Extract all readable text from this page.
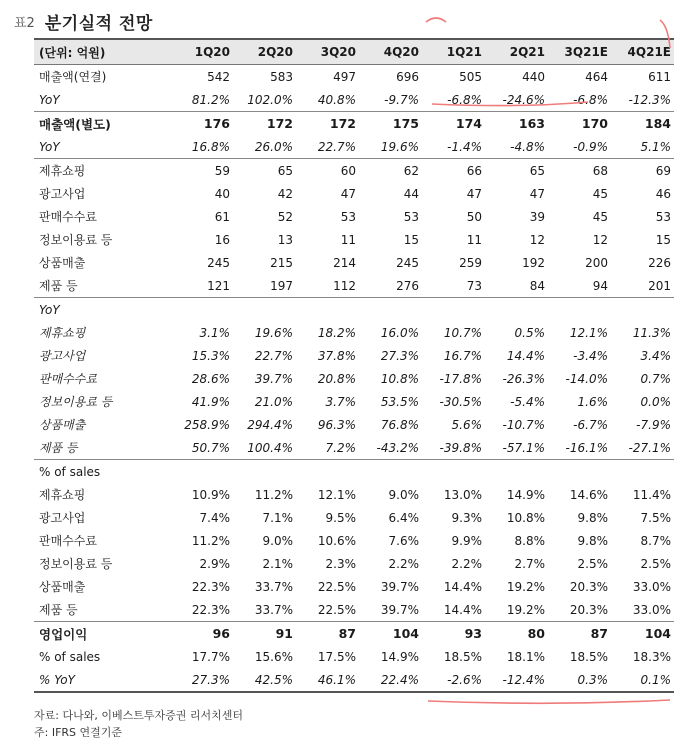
표2 분기실적 전망
(단위: 억원)	1Q20	2Q20	3Q20	4Q20	1Q21	2Q21	3Q21E	4Q21E
매출액(연결)	542	583	497	696	505	440	464	611
YoY	81.2%	102.0%	40.8%	-9.7%	-6.8%	-24.6%	-6.8%	-12.3%
매출액(별도)	176	172	172	175	174	163	170	184
YoY	16.8%	26.0%	22.7%	19.6%	-1.4%	-4.8%	-0.9%	5.1%
제휴쇼핑	59	65	60	62	66	65	68	69
광고사업	40	42	47	44	47	47	45	46
판매수수료	61	52	53	53	50	39	45	53
정보이용료 등	16	13	11	15	11	12	12	15
상품매출	245	215	214	245	259	192	200	226
제품 등	121	197	112	276	73	84	94	201
YoY								
제휴쇼핑	3.1%	19.6%	18.2%	16.0%	10.7%	0.5%	12.1%	11.3%
광고사업	15.3%	22.7%	37.8%	27.3%	16.7%	14.4%	-3.4%	3.4%
판매수수료	28.6%	39.7%	20.8%	10.8%	-17.8%	-26.3%	-14.0%	0.7%
정보이용료 등	41.9%	21.0%	3.7%	53.5%	-30.5%	-5.4%	1.6%	0.0%
상품매출	258.9%	294.4%	96.3%	76.8%	5.6%	-10.7%	-6.7%	-7.9%
제품 등	50.7%	100.4%	7.2%	-43.2%	-39.8%	-57.1%	-16.1%	-27.1%
% of sales								
제휴쇼핑	10.9%	11.2%	12.1%	9.0%	13.0%	14.9%	14.6%	11.4%
광고사업	7.4%	7.1%	9.5%	6.4%	9.3%	10.8%	9.8%	7.5%
판매수수료	11.2%	9.0%	10.6%	7.6%	9.9%	8.8%	9.8%	8.7%
정보이용료 등	2.9%	2.1%	2.3%	2.2%	2.2%	2.7%	2.5%	2.5%
상품매출	22.3%	33.7%	22.5%	39.7%	14.4%	19.2%	20.3%	33.0%
제품 등	22.3%	33.7%	22.5%	39.7%	14.4%	19.2%	20.3%	33.0%
영업이익	96	91	87	104	93	80	87	104
% of sales	17.7%	15.6%	17.5%	14.9%	18.5%	18.1%	18.5%	18.3%
% YoY	27.3%	42.5%	46.1%	22.4%	-2.6%	-12.4%	0.3%	0.1%
자료: 다나와, 이베스트투자증권 리서치센터
주: IFRS 연결기준
